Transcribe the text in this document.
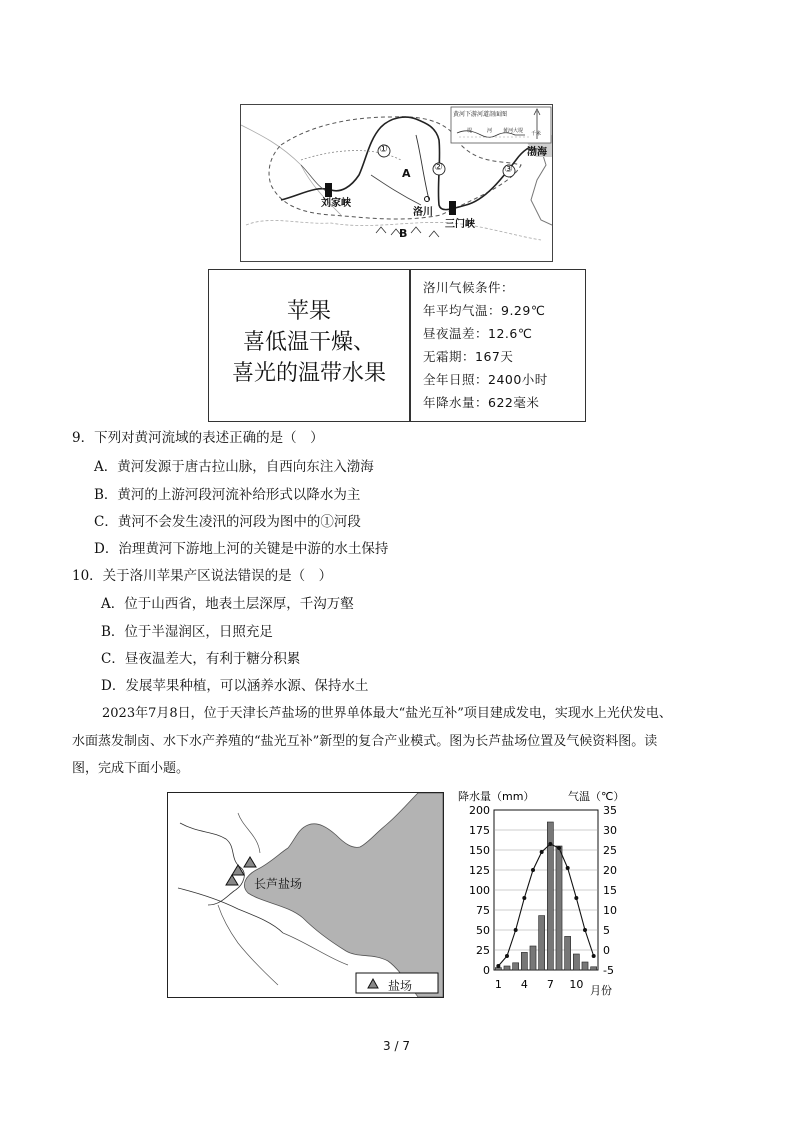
黄河下游河道剖面图
堤	河 黄河大堤 千米
渤海
A
B
刘家峡
洛川
三门峡
①
②	③
苹果
喜低温干燥、
喜光的温带水果
洛川气候条件：
年平均气温：9.29℃
昼夜温差：12.6℃
无霜期：167天
全年日照：2400小时
年降水量：622毫米
9．下列对黄河流域的表述正确的是（　）
A．黄河发源于唐古拉山脉，自西向东注入渤海
B．黄河的上游河段河流补给形式以降水为主
C．黄河不会发生凌汛的河段为图中的①河段
D．治理黄河下游地上河的关键是中游的水土保持
10．关于洛川苹果产区说法错误的是（　）
A．位于山西省，地表土层深厚，千沟万壑
B．位于半湿润区，日照充足
C．昼夜温差大，有利于糖分积累
D．发展苹果种植，可以涵养水源、保持水土
2023年7月8日，位于天津长芦盐场的世界单体最大“盐光互补”项目建成发电，实现水上光伏发电、
水面蒸发制卤、水下水产养殖的“盐光互补”新型的复合产业模式。图为长芦盐场位置及气候资料图。读
图，完成下面小题。
长芦盐场
盐场
降水量（mm）	气温（℃）
0
25
50
75
100
125
150
175
200
-5
0
5
10
15
20
25
30
35
1 4 7 10 月份
3 / 7
